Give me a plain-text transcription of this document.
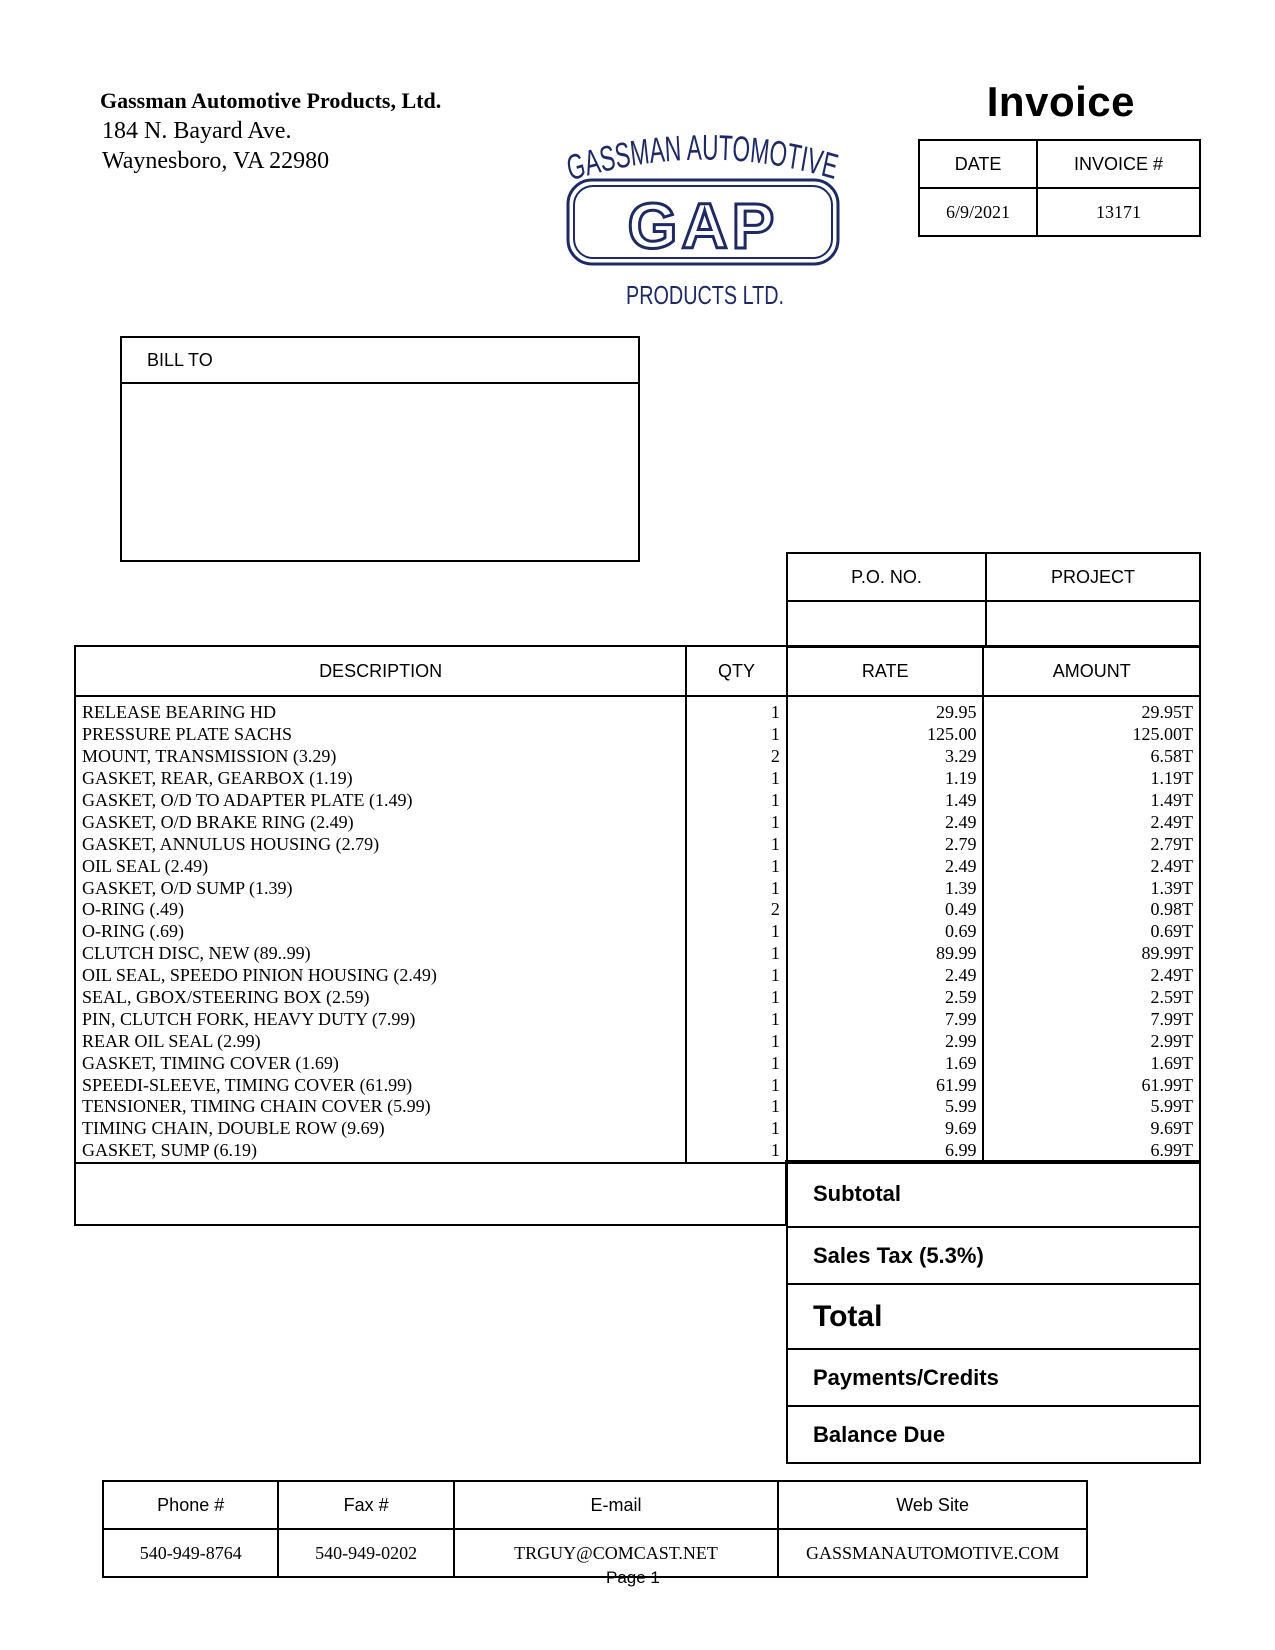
Gassman Automotive Products, Ltd.
184 N. Bayard Ave.
Waynesboro, VA 22980
Invoice
GASSMAN AUTOMOTIVE
GAP
PRODUCTS LTD.
DATE	INVOICE #
6/9/2021	13171
BILL TO
P.O. NO.	PROJECT

DESCRIPTION	QTY	RATE	AMOUNT
RELEASE BEARING HD	1	29.95	29.95T
PRESSURE PLATE SACHS	1	125.00	125.00T
MOUNT, TRANSMISSION (3.29)	2	3.29	6.58T
GASKET, REAR, GEARBOX (1.19)	1	1.19	1.19T
GASKET, O/D TO ADAPTER PLATE (1.49)	1	1.49	1.49T
GASKET, O/D BRAKE RING (2.49)	1	2.49	2.49T
GASKET, ANNULUS HOUSING (2.79)	1	2.79	2.79T
OIL SEAL (2.49)	1	2.49	2.49T
GASKET, O/D SUMP (1.39)	1	1.39	1.39T
O-RING (.49)	2	0.49	0.98T
O-RING (.69)	1	0.69	0.69T
CLUTCH DISC, NEW (89..99)	1	89.99	89.99T
OIL SEAL, SPEEDO PINION HOUSING (2.49)	1	2.49	2.49T
SEAL, GBOX/STEERING BOX (2.59)	1	2.59	2.59T
PIN, CLUTCH FORK, HEAVY DUTY (7.99)	1	7.99	7.99T
REAR OIL SEAL (2.99)	1	2.99	2.99T
GASKET, TIMING COVER (1.69)	1	1.69	1.69T
SPEEDI-SLEEVE, TIMING COVER (61.99)	1	61.99	61.99T
TENSIONER, TIMING CHAIN COVER (5.99)	1	5.99	5.99T
TIMING CHAIN, DOUBLE ROW (9.69)	1	9.69	9.69T
GASKET, SUMP (6.19)	1	6.99	6.99T
Subtotal
Sales Tax (5.3%)
Total
Payments/Credits
Balance Due
Phone #	Fax #	E-mail	Web Site
540-949-8764	540-949-0202	TRGUY@COMCAST.NET	GASSMANAUTOMOTIVE.COM
Page 1
